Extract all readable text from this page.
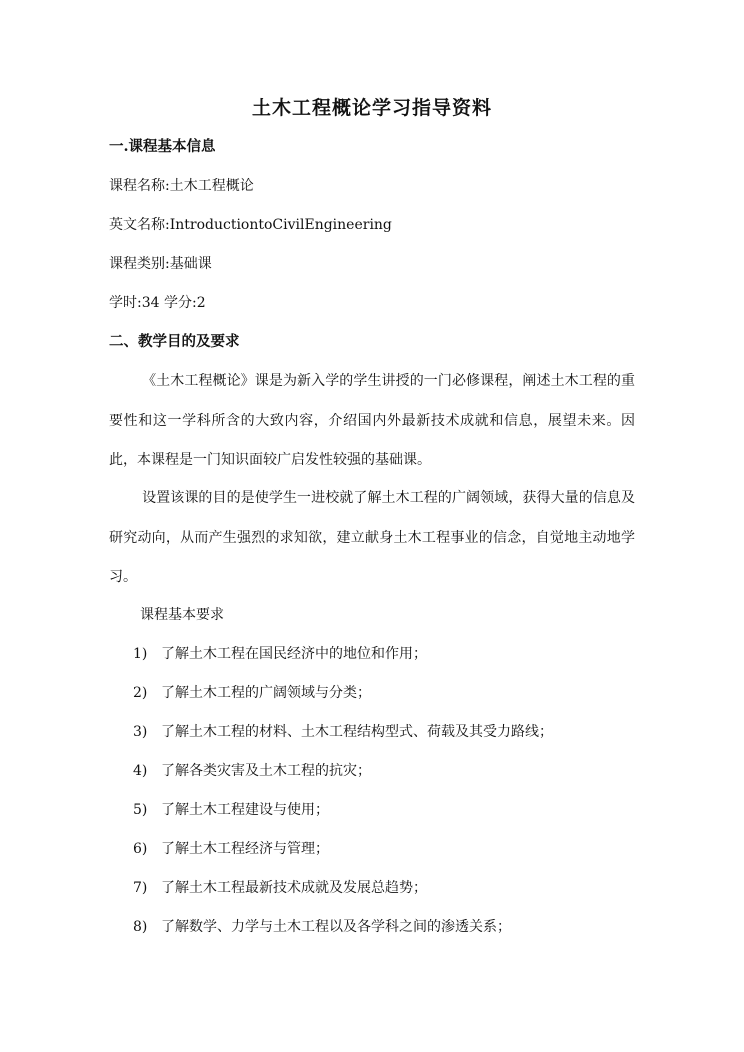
土木工程概论学习指导资料
一.课程基本信息
课程名称:土木工程概论
英文名称:IntroductiontoCivilEngineering
课程类别:基础课
学时:34 学分:2
二、教学目的及要求
《土木工程概论》课是为新入学的学生讲授的一门必修课程，阐述土木工程的重要性和这一学科所含的大致内容，介绍国内外最新技术成就和信息，展望未来。因此，本课程是一门知识面较广启发性较强的基础课。
设置该课的目的是使学生一进校就了解土木工程的广阔领域，获得大量的信息及研究动向，从而产生强烈的求知欲，建立献身土木工程事业的信念，自觉地主动地学习。
课程基本要求
1) 了解土木工程在国民经济中的地位和作用；
2) 了解土木工程的广阔领域与分类；
3) 了解土木工程的材料、土木工程结构型式、荷载及其受力路线；
4) 了解各类灾害及土木工程的抗灾；
5) 了解土木工程建设与使用；
6) 了解土木工程经济与管理；
7) 了解土木工程最新技术成就及发展总趋势；
8) 了解数学、力学与土木工程以及各学科之间的渗透关系；
